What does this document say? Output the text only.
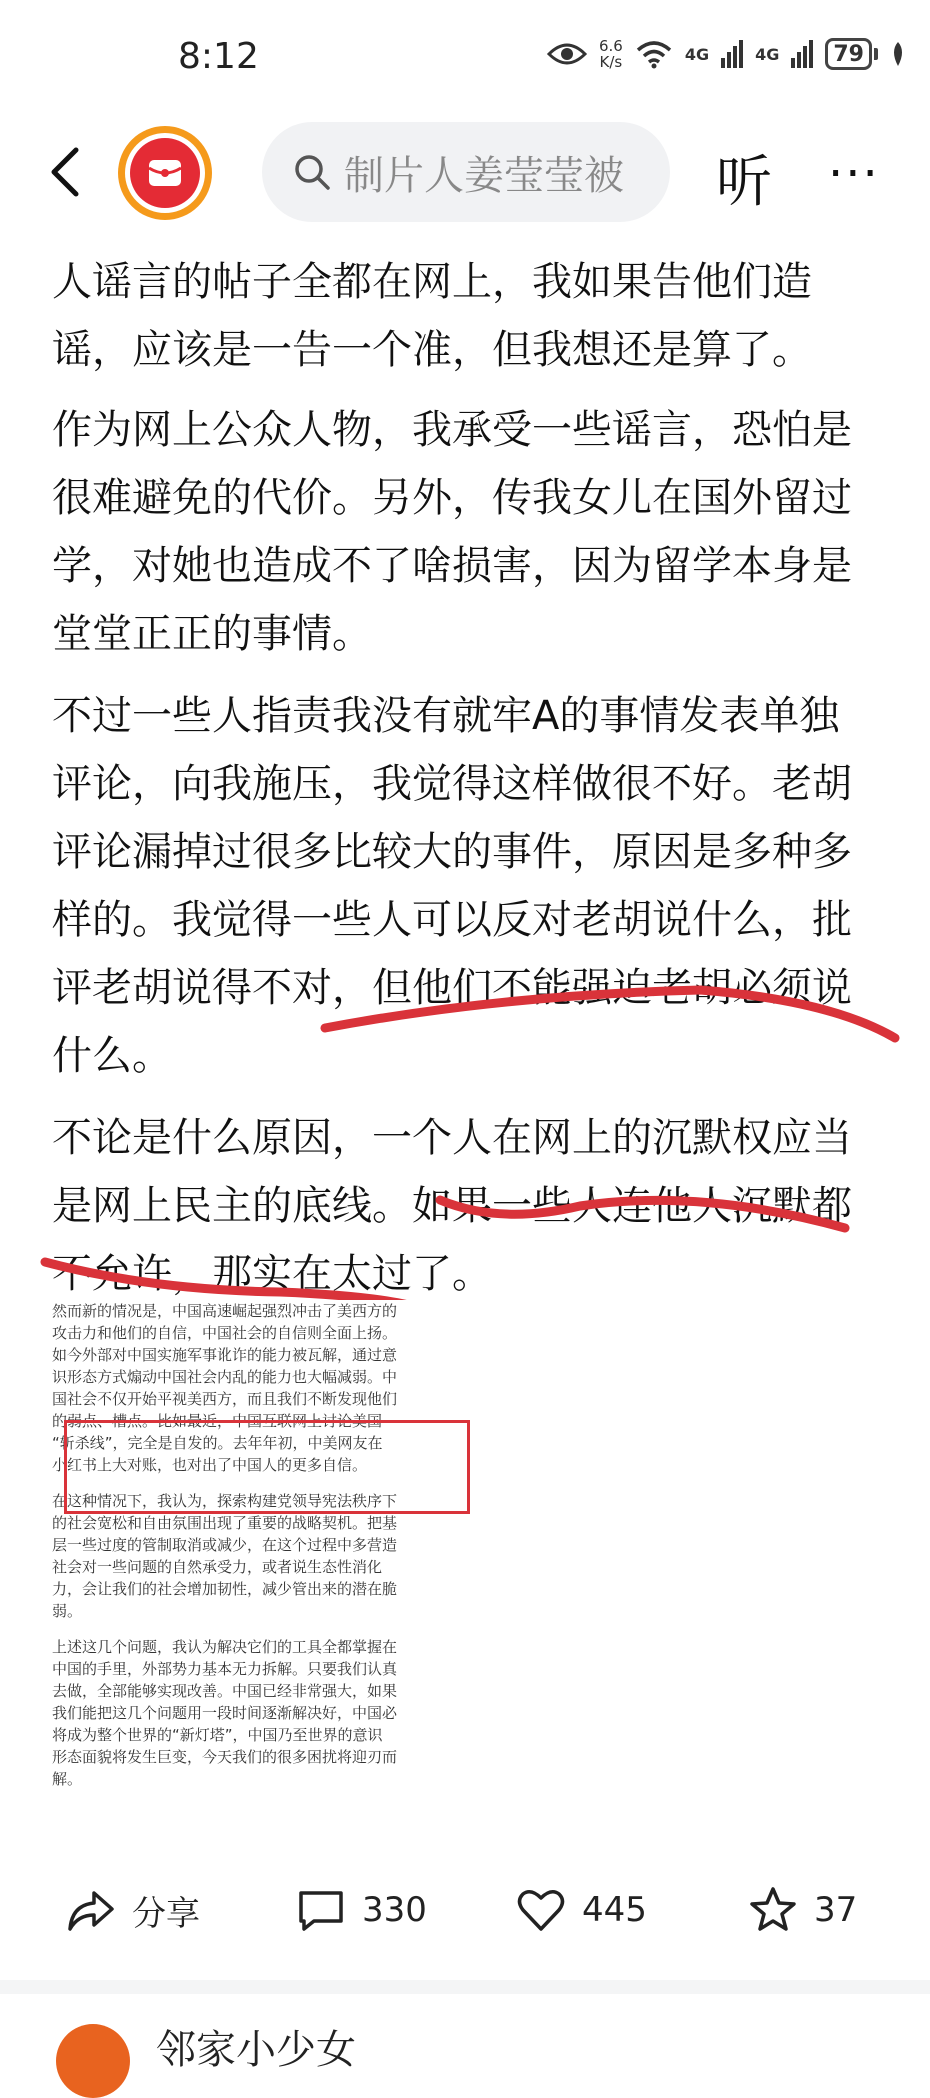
8:12	6.6
K/s	4G	4G 79
制片人姜莹莹被 听 ···

人谣言的帖子全都在网上，我如果告他们造
谣，应该是一告一个准，但我想还是算了。

作为网上公众人物，我承受一些谣言，恐怕是
很难避免的代价。另外，传我女儿在国外留过
学，对她也造成不了啥损害，因为留学本身是
堂堂正正的事情。

不过一些人指责我没有就牢A的事情发表单独
评论，向我施压，我觉得这样做很不好。老胡
评论漏掉过很多比较大的事件，原因是多种多
样的。我觉得一些人可以反对老胡说什么，批
评老胡说得不对，但他们不能强迫老胡必须说
什么。

不论是什么原因，一个人在网上的沉默权应当
是网上民主的底线。如果一些人连他人沉默都
不允许，那实在太过了。

然而新的情况是，中国高速崛起强烈冲击了美西方的
攻击力和他们的自信，中国社会的自信则全面上扬。
如今外部对中国实施军事讹诈的能力被瓦解，通过意
识形态方式煽动中国社会内乱的能力也大幅减弱。中
国社会不仅开始平视美西方，而且我们不断发现他们
的弱点、槽点。比如最近，中国互联网上讨论美国
“斩杀线”，完全是自发的。去年年初，中美网友在
小红书上大对账，也对出了中国人的更多自信。

在这种情况下，我认为，探索构建党领导宪法秩序下
的社会宽松和自由氛围出现了重要的战略契机。把基
层一些过度的管制取消或减少，在这个过程中多营造
社会对一些问题的自然承受力，或者说生态性消化
力，会让我们的社会增加韧性，减少管出来的潜在脆
弱。

上述这几个问题，我认为解决它们的工具全都掌握在
中国的手里，外部势力基本无力拆解。只要我们认真
去做，全部能够实现改善。中国已经非常强大，如果
我们能把这几个问题用一段时间逐渐解决好，中国必
将成为整个世界的“新灯塔”，中国乃至世界的意识
形态面貌将发生巨变，今天我们的很多困扰将迎刃而
解。

分享	330	445	37
邻家小少女
